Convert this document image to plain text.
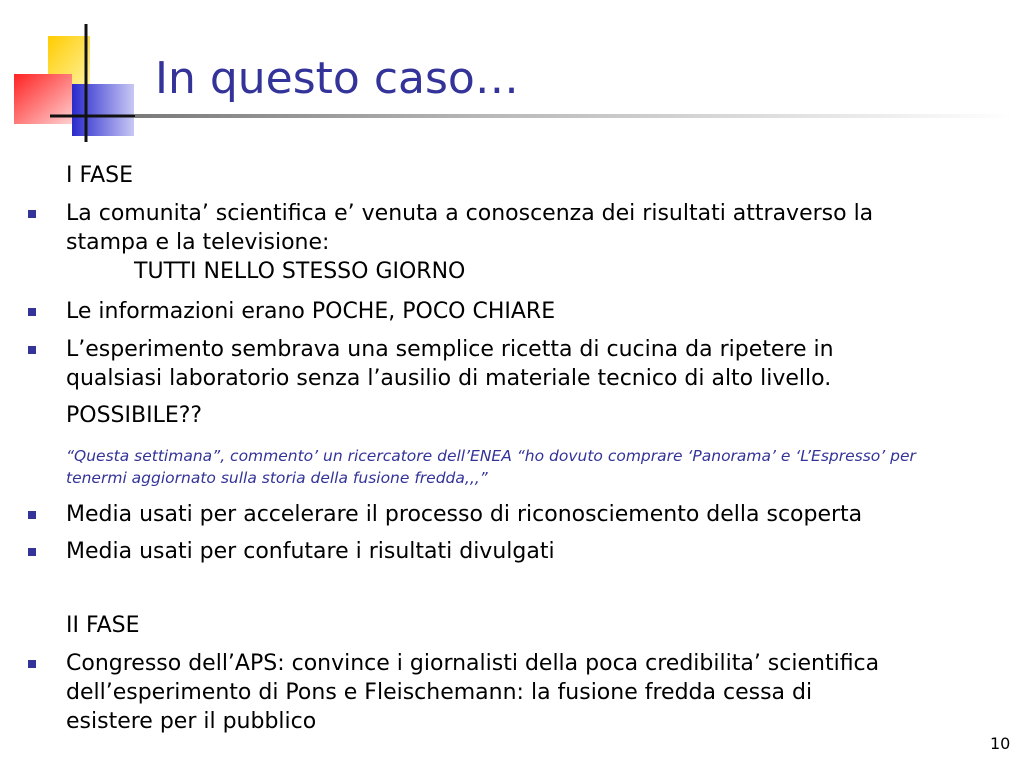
In questo caso…
I FASE
La comunita’ scientifica e’ venuta a conoscenza dei risultati attraverso la
stampa e la televisione:
TUTTI NELLO STESSO GIORNO
Le informazioni erano POCHE, POCO CHIARE
L’esperimento sembrava una semplice ricetta di cucina da ripetere in
qualsiasi laboratorio senza l’ausilio di materiale tecnico di alto livello.
POSSIBILE??
“Questa settimana”, commento’ un ricercatore dell’ENEA “ho dovuto comprare ‘Panorama’ e ‘L’Espresso’ per
tenermi aggiornato sulla storia della fusione fredda,,,”
Media usati per accelerare il processo di riconosciemento della scoperta
Media usati per confutare i risultati divulgati
II FASE
Congresso dell’APS: convince i giornalisti della poca credibilita’ scientifica
dell’esperimento di Pons e Fleischemann: la fusione fredda cessa di
esistere per il pubblico
10
